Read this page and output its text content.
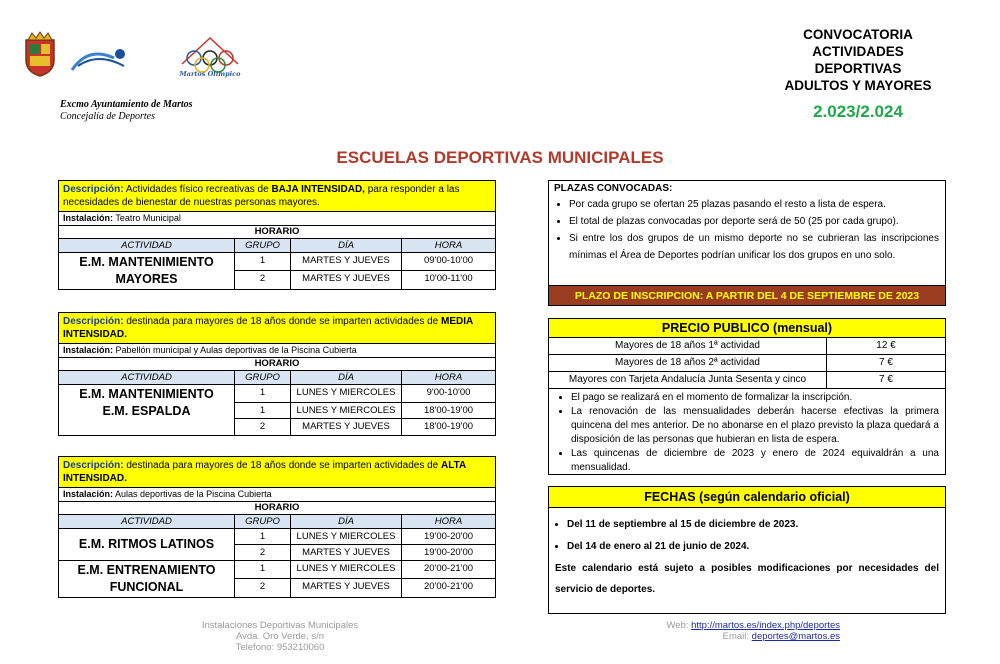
Martos Olímpico
Excmo Ayuntamiento de Martos
Concejalía de Deportes
CONVOCATORIA
ACTIVIDADES
DEPORTIVAS
ADULTOS Y MAYORES
2.023/2.024
ESCUELAS DEPORTIVAS MUNICIPALES
Descripción: Actividades físico recreativas de BAJA INTENSIDAD, para responder a las necesidades de bienestar de nuestras personas mayores.
Instalación: Teatro Municipal
HORARIO
ACTIVIDAD	GRUPO	DÍA	HORA
E.M. MANTENIMIENTO MAYORES
1	MARTES Y JUEVES	09'00-10'00
2	MARTES Y JUEVES	10'00-11'00
Descripción: destinada para mayores de 18 años donde se imparten actividades de MEDIA INTENSIDAD.
Instalación: Pabellón municipal y Aulas deportivas de la Piscina Cubierta
HORARIO
ACTIVIDAD	GRUPO	DÍA	HORA
E.M. MANTENIMIENTO	1	LUNES Y MIERCOLES	9'00-10'00
E.M. ESPALDA	1	LUNES Y MIERCOLES	18'00-19'00
2	MARTES Y JUEVES	18'00-19'00
Descripción: destinada para mayores de 18 años donde se imparten actividades de ALTA INTENSIDAD.
Instalación: Aulas deportivas de la Piscina Cubierta
HORARIO
ACTIVIDAD	GRUPO	DÍA	HORA
E.M. RITMOS LATINOS
1	LUNES Y MIERCOLES	19'00-20'00
2	MARTES Y JUEVES	19'00-20'00
E.M. ENTRENAMIENTO FUNCIONAL
1	LUNES Y MIERCOLES	20'00-21'00
2	MARTES Y JUEVES	20'00-21'00
PLAZAS CONVOCADAS:
• Por cada grupo se ofertan 25 plazas pasando el resto a lista de espera.
• El total de plazas convocadas por deporte será de 50 (25 por cada grupo).
• Si entre los dos grupos de un mismo deporte no se cubrieran las inscripciones mínimas el Área de Deportes podrían unificar los dos grupos en uno solo.
PLAZO DE INSCRIPCION: A PARTIR DEL 4 DE SEPTIEMBRE DE 2023
PRECIO PUBLICO (mensual)
Mayores de 18 años 1ª actividad	12 €
Mayores de 18 años 2ª actividad	7 €
Mayores con Tarjeta Andalucía Junta Sesenta y cinco	7 €
• El pago se realizará en el momento de formalizar la inscripción.
• La renovación de las mensualidades deberán hacerse efectivas la primera quincena del mes anterior. De no abonarse en el plazo previsto la plaza quedará a disposición de las personas que hubieran en lista de espera.
• Las quincenas de diciembre de 2023 y enero de 2024 equivaldrán a una mensualidad.
FECHAS (según calendario oficial)
• Del 11 de septiembre al 15 de diciembre de 2023.
• Del 14 de enero al 21 de junio de 2024.

Este calendario está sujeto a posibles modificaciones por necesidades del servicio de deportes.

Instalaciones Deportivas Municipales
Avda. Oro Verde, s/n
Telefono: 953210060
Web: http://martos.es/index.php/deportes
Email: deportes@martos.es
